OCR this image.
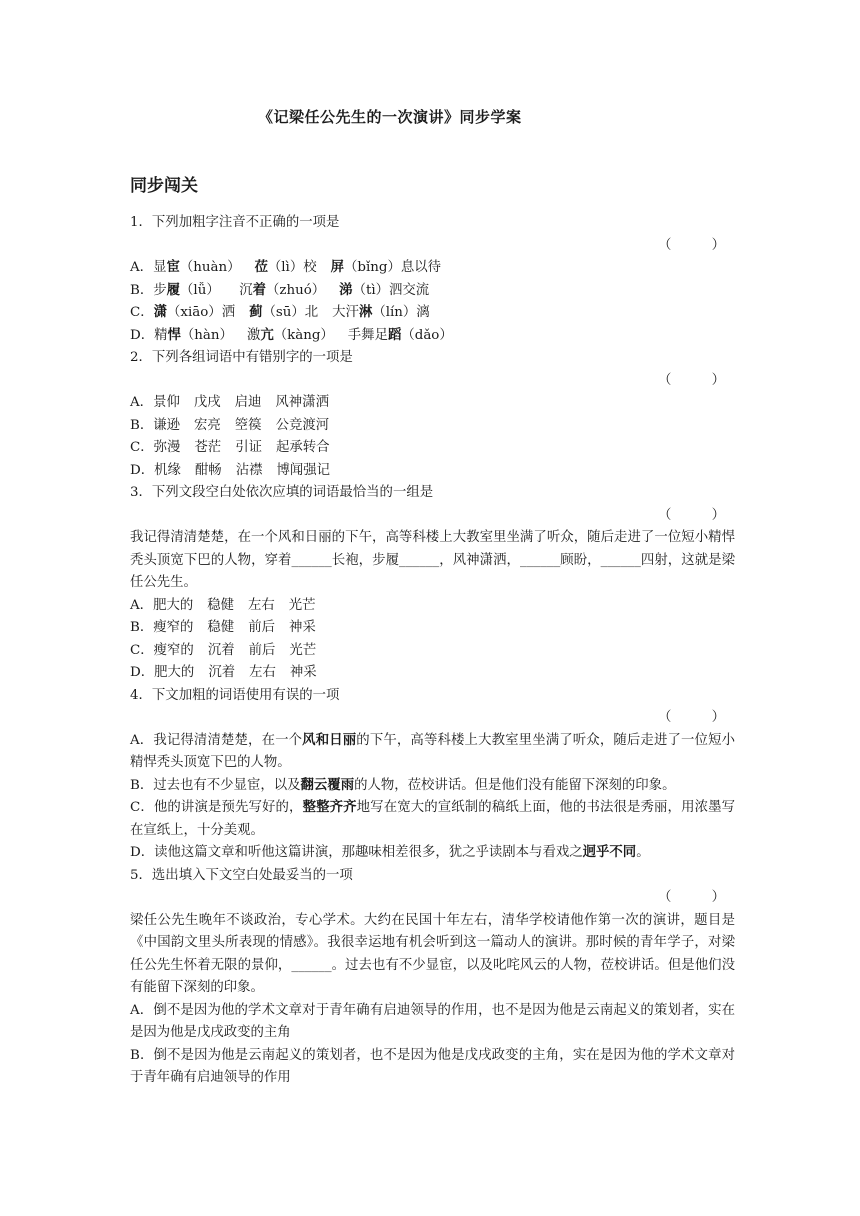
《记梁任公先生的一次演讲》同步学案
同步闯关
1．下列加粗字注音不正确的一项是
（　　　）
A．显宦（huàn） 莅（lì）校 屏（bǐng）息以待
B．步履（lǚ） 沉着（zhuó） 涕（tì）泗交流
C．潇（xiāo）洒 蓟（sū）北 大汗淋（lín）漓
D．精悍（hàn） 激亢（kàng） 手舞足蹈（dǎo）
2．下列各组词语中有错别字的一项是
（　　　）
A．景仰 戊戌 启迪 风神潇洒
B．谦逊 宏亮 箜篌 公竞渡河
C．弥漫 苍茫 引证 起承转合
D．机缘 酣畅 沾襟 博闻强记
3．下列文段空白处依次应填的词语最恰当的一组是
（　　　）
我记得清清楚楚，在一个风和日丽的下午，高等科楼上大教室里坐满了听众，随后走进了一位短小精悍秃头顶宽下巴的人物，穿着______长袍，步履______，风神潇洒，______顾盼，______四射，这就是梁任公先生。
A．肥大的 稳健 左右 光芒
B．瘦窄的 稳健 前后 神采
C．瘦窄的 沉着 前后 光芒
D．肥大的 沉着 左右 神采
4．下文加粗的词语使用有误的一项
（　　　）
A．我记得清清楚楚，在一个风和日丽的下午，高等科楼上大教室里坐满了听众，随后走进了一位短小精悍秃头顶宽下巴的人物。
B．过去也有不少显宦，以及翻云覆雨的人物，莅校讲话。但是他们没有能留下深刻的印象。
C．他的讲演是预先写好的，整整齐齐地写在宽大的宣纸制的稿纸上面，他的书法很是秀丽，用浓墨写在宣纸上，十分美观。
D．读他这篇文章和听他这篇讲演，那趣味相差很多，犹之乎读剧本与看戏之迥乎不同。
5．选出填入下文空白处最妥当的一项
（　　　）
梁任公先生晚年不谈政治，专心学术。大约在民国十年左右，清华学校请他作第一次的演讲，题目是《中国韵文里头所表现的情感》。我很幸运地有机会听到这一篇动人的演讲。那时候的青年学子，对梁任公先生怀着无限的景仰，______。过去也有不少显宦，以及叱咤风云的人物，莅校讲话。但是他们没有能留下深刻的印象。
A．倒不是因为他的学术文章对于青年确有启迪领导的作用，也不是因为他是云南起义的策划者，实在是因为他是戊戌政变的主角
B．倒不是因为他是云南起义的策划者，也不是因为他是戊戌政变的主角，实在是因为他的学术文章对于青年确有启迪领导的作用
